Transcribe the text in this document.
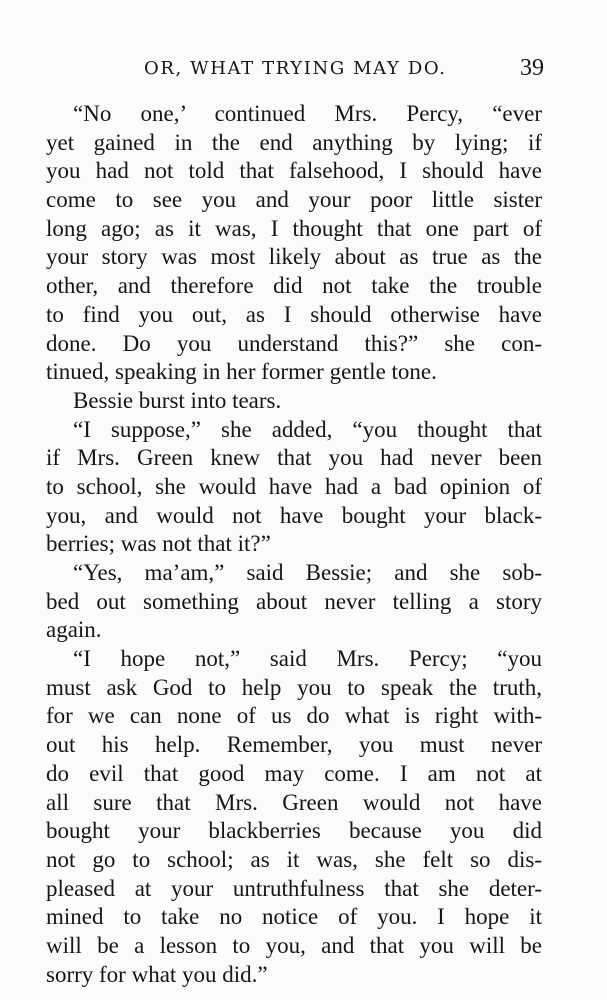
OR, WHAT TRYING MAY DO.	39
“No one,’ continued Mrs. Percy, “ever
yet gained in the end anything by lying; if
you had not told that falsehood, I should have
come to see you and your poor little sister
long ago; as it was, I thought that one part of
your story was most likely about as true as the
other, and therefore did not take the trouble
to find you out, as I should otherwise have
done. Do you understand this?” she con-
tinued, speaking in her former gentle tone.
Bessie burst into tears.
“I suppose,” she added, “you thought that
if Mrs. Green knew that you had never been
to school, she would have had a bad opinion of
you, and would not have bought your black-
berries; was not that it?”
“Yes, ma’am,” said Bessie; and she sob-
bed out something about never telling a story
again.
“I hope not,” said Mrs. Percy; “you
must ask God to help you to speak the truth,
for we can none of us do what is right with-
out his help. Remember, you must never
do evil that good may come. I am not at
all sure that Mrs. Green would not have
bought your blackberries because you did
not go to school; as it was, she felt so dis-
pleased at your untruthfulness that she deter-
mined to take no notice of you. I hope it
will be a lesson to you, and that you will be
sorry for what you did.”
